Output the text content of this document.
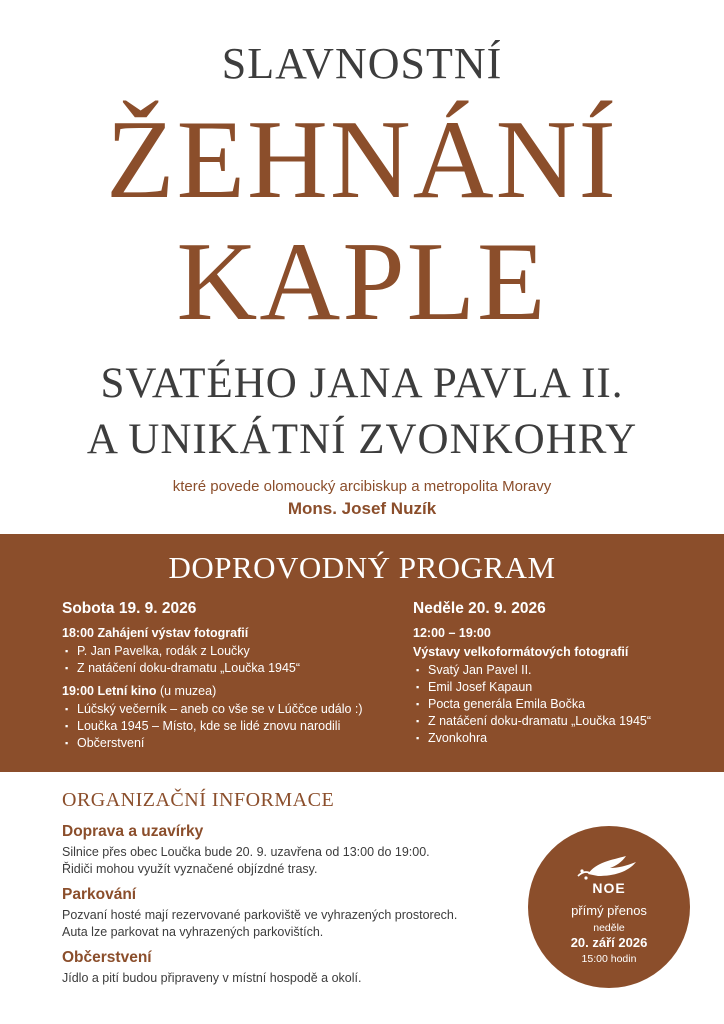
SLAVNOSTNÍ
ŽEHNÁNÍ
KAPLE
SVATÉHO JANA PAVLA II.
A UNIKÁTNÍ ZVONKOHRY
které povede olomoucký arcibiskup a metropolita Moravy
Mons. Josef Nuzík
DOPROVODNÝ PROGRAM
Sobota 19. 9. 2026
18:00 Zahájení výstav fotografií
▪ P. Jan Pavelka, rodák z Loučky
▪ Z natáčení doku-dramatu „Loučka 1945“
19:00 Letní kino (u muzea)
▪ Lúčský večerník – aneb co vše se v Lúččce událo :)
▪ Loučka 1945 – Místo, kde se lidé znovu narodili
▪ Občerstvení
Neděle 20. 9. 2026
12:00 – 19:00
Výstavy velkoformátových fotografií
▪ Svatý Jan Pavel II.
▪ Emil Josef Kapaun
▪ Pocta generála Emila Bočka
▪ Z natáčení doku-dramatu „Loučka 1945“
▪ Zvonkohra
ORGANIZAČNÍ INFORMACE
Doprava a uzavírky
Silnice přes obec Loučka bude 20. 9. uzavřena od 13:00 do 19:00.
Řidiči mohou využít vyznačené objízdné trasy.
Parkování
Pozvaní hosté mají rezervované parkoviště ve vyhrazených prostorech.
Auta lze parkovat na vyhrazených parkovištích.
Občerstvení
Jídlo a pití budou připraveny v místní hospodě a okolí.
NOE
přímý přenos
neděle
20. září 2026
15:00 hodin
